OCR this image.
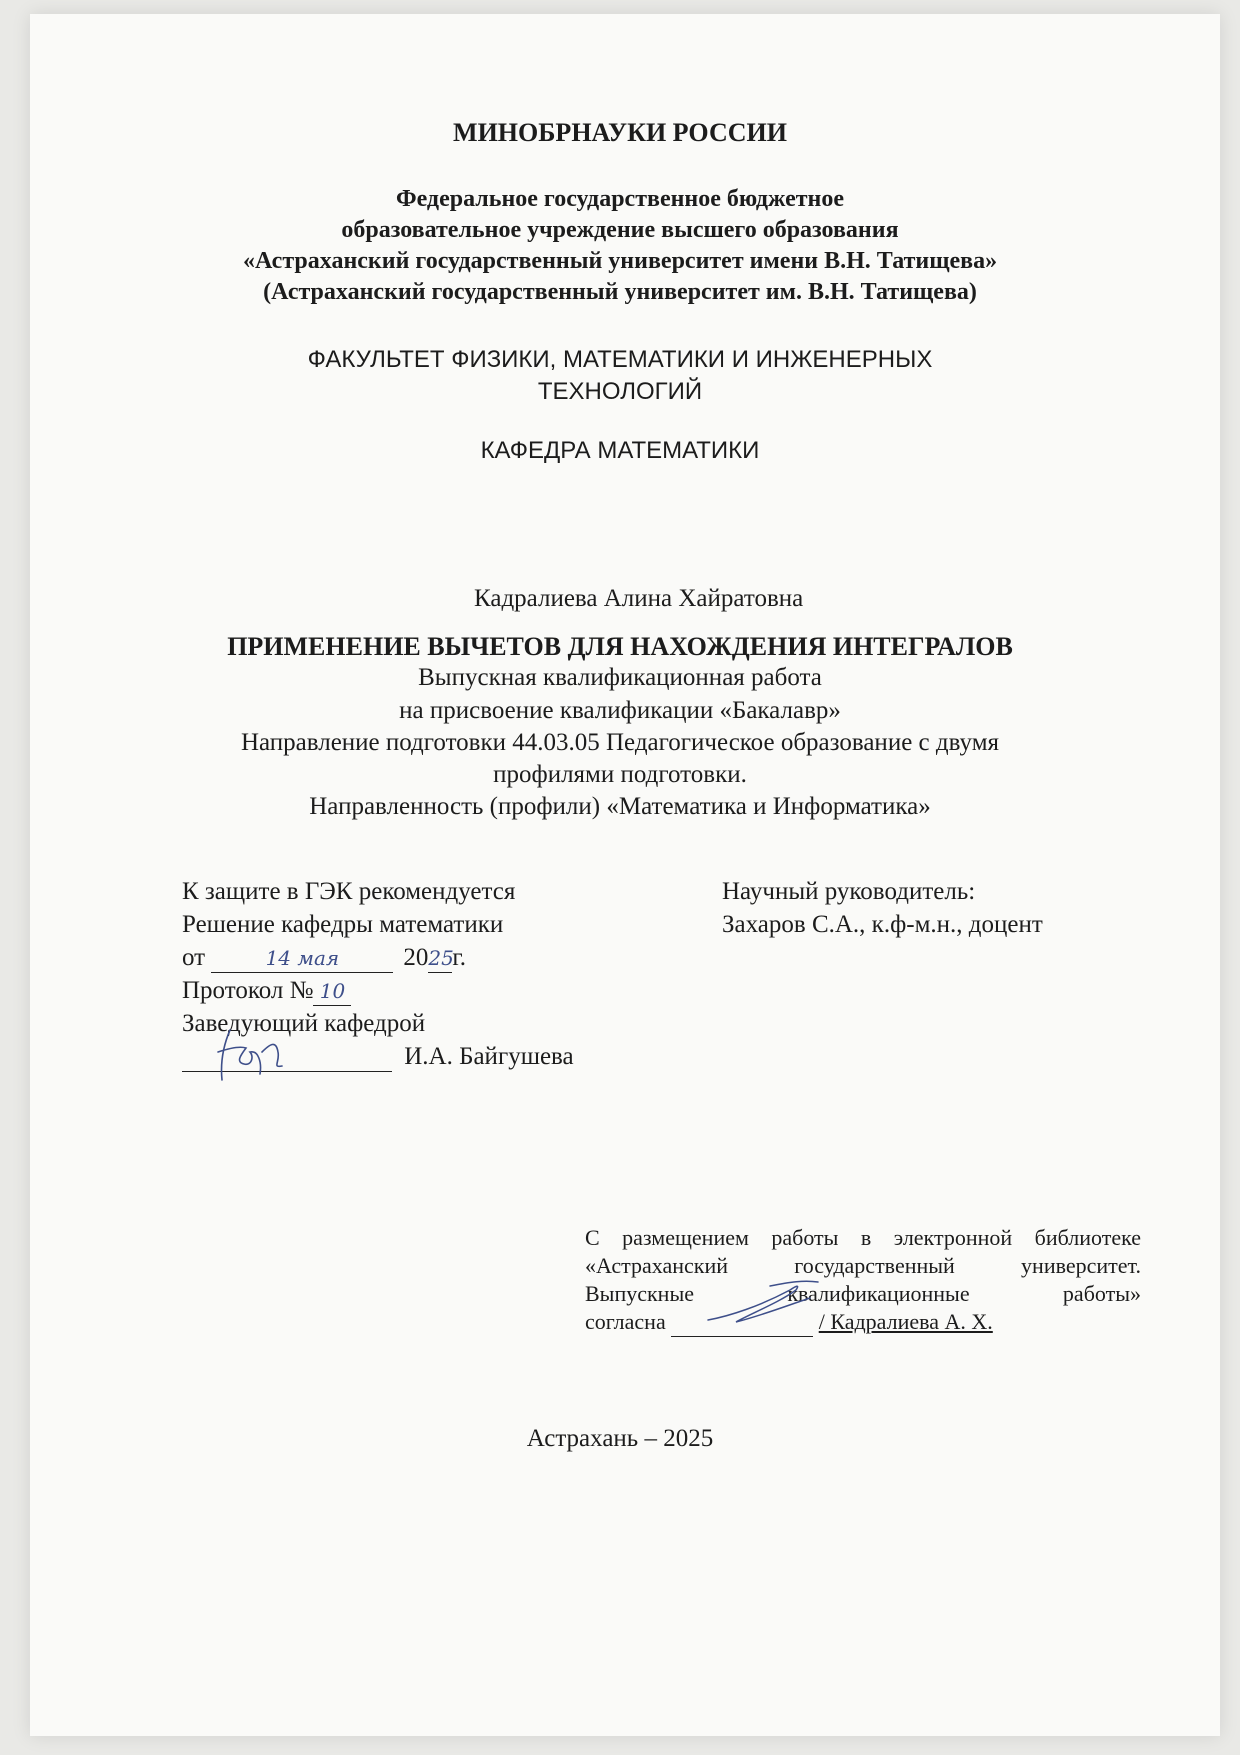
МИНОБРНАУКИ РОССИИ
Федеральное государственное бюджетное
образовательное учреждение высшего образования
«Астраханский государственный университет имени В.Н. Татищева»
(Астраханский государственный университет им. В.Н. Татищева)
ФАКУЛЬТЕТ ФИЗИКИ, МАТЕМАТИКИ И ИНЖЕНЕРНЫХ
ТЕХНОЛОГИЙ
КАФЕДРА МАТЕМАТИКИ
Кадралиева Алина Хайратовна
ПРИМЕНЕНИЕ ВЫЧЕТОВ ДЛЯ НАХОЖДЕНИЯ ИНТЕГРАЛОВ
Выпускная квалификационная работа
на присвоение квалификации «Бакалавр»
Направление подготовки 44.03.05 Педагогическое образование с двумя
профилями подготовки.
Направленность (профили) «Математика и Информатика»
К защите в ГЭК рекомендуется
Решение кафедры математики
от	14 мая	2025г.
Протокол № 10
Заведующий кафедрой
И.А. Байгушева
Научный руководитель:
Захаров С.А., к.ф-м.н., доцент
С размещением работы в электронной библиотеке
«Астраханский государственный университет.
Выпускные квалификационные работы»
согласна	/ Кадралиева А. Х.
Астрахань – 2025
